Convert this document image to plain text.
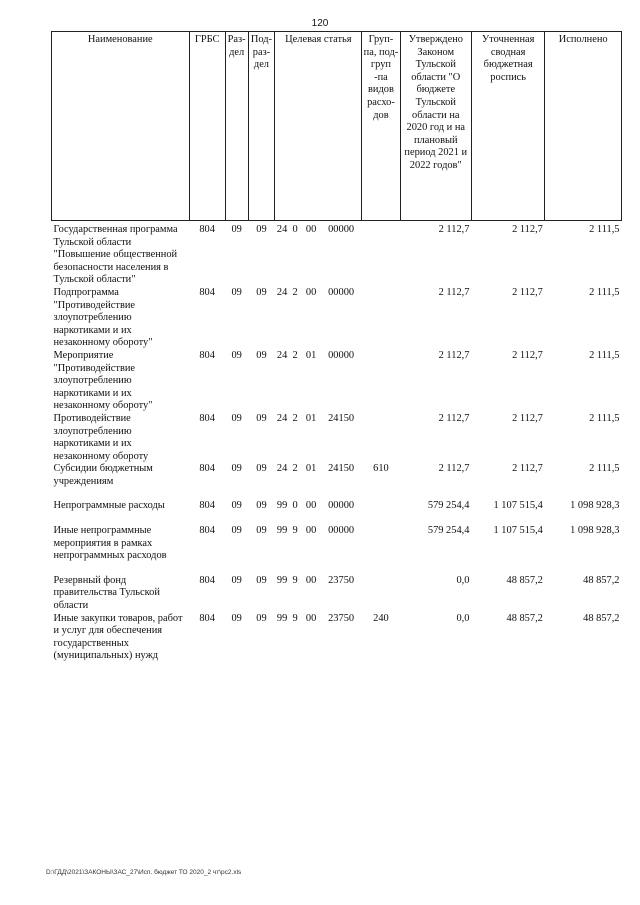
120
Наименование	ГРБС	Раз-дел	Под-раз-дел	Целевая статья				Груп-па, под-груп -па видов расхо-дов	Утверждено Законом Тульской области "О бюджете Тульской области на 2020 год и на плановый период 2021 и 2022 годов"	Уточненная сводная бюджетная роспись	Исполнено
Государственная программа Тульской области "Повышение общественной безопасности населения в Тульской области"	804	09	09	24	0	00	00000		2 112,7	2 112,7	2 111,5
Подпрограмма "Противодействие злоупотреблению наркотиками и их незаконному обороту"	804	09	09	24	2	00	00000		2 112,7	2 112,7	2 111,5
Мероприятие "Противодействие злоупотреблению наркотиками и их незаконному обороту"	804	09	09	24	2	01	00000		2 112,7	2 112,7	2 111,5
Противодействие злоупотреблению наркотиками и их незаконному обороту	804	09	09	24	2	01	24150		2 112,7	2 112,7	2 111,5
Субсидии бюджетным учреждениям	804	09	09	24	2	01	24150	610	2 112,7	2 112,7	2 111,5

Непрограммные расходы	804	09	09	99	0	00	00000		579 254,4	1 107 515,4	1 098 928,3

Иные непрограммные мероприятия в рамках непрограммных расходов	804	09	09	99	9	00	00000		579 254,4	1 107 515,4	1 098 928,3

Резервный фонд правительства Тульской области	804	09	09	99	9	00	23750		0,0	48 857,2	48 857,2
Иные закупки товаров, работ и услуг для обеспечения государственных (муниципальных) нужд	804	09	09	99	9	00	23750	240	0,0	48 857,2	48 857,2
D:\ГДД\2021\ЗАКОНЫ\ЗАС_27\Исп. бюджет ТО 2020_2 чт\рс2.xls
